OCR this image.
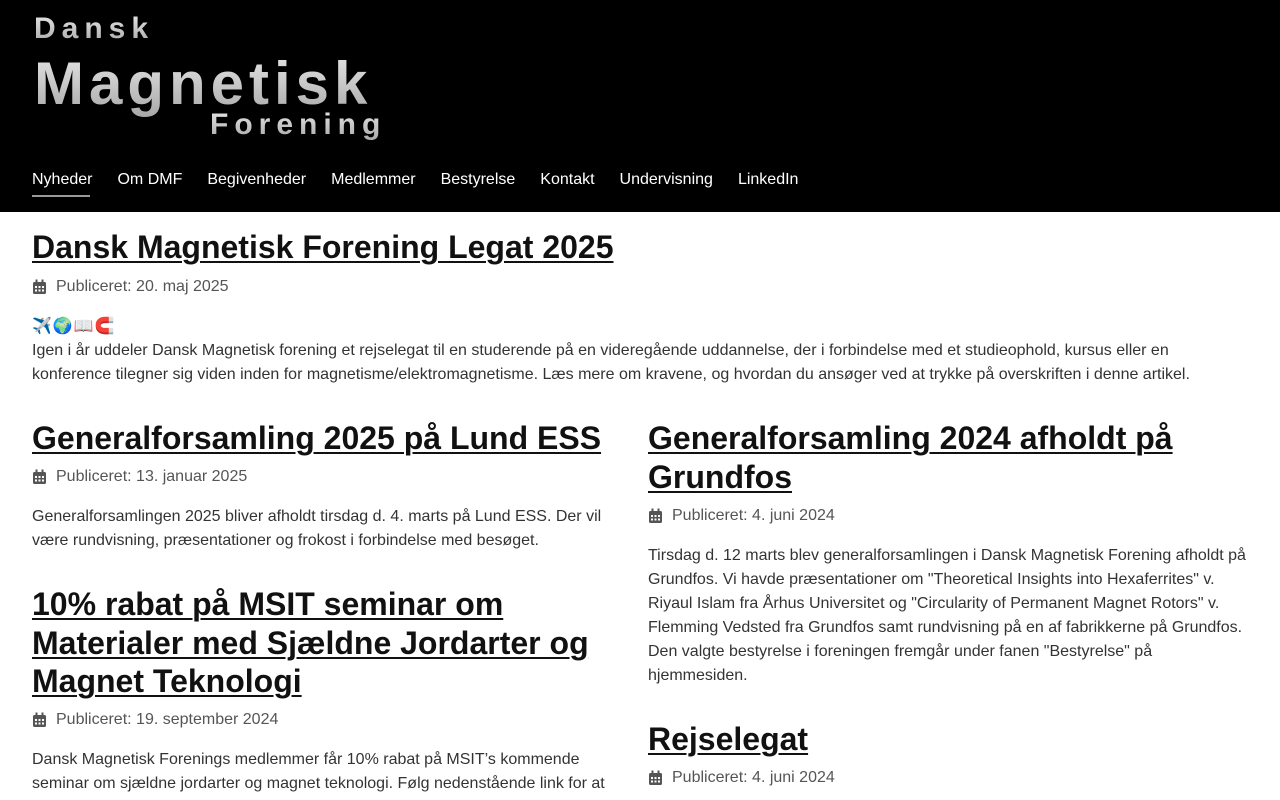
Dansk
Magnetisk
Forening
Nyheder Om DMF Begivenheder Medlemmer Bestyrelse Kontakt Undervisning LinkedIn
Dansk Magnetisk Forening Legat 2025
Publiceret: 20. maj 2025
✈️🌍📖🧲

Igen i år uddeler Dansk Magnetisk forening et rejselegat til en studerende på en videregående uddannelse, der i forbindelse med et studieophold, kursus eller en konference tilegner sig viden inden for magnetisme/elektromagnetisme. Læs mere om kravene, og hvordan du ansøger ved at trykke på overskriften i denne artikel.

Generalforsamling 2025 på Lund ESS
Publiceret: 13. januar 2025

Generalforsamlingen 2025 bliver afholdt tirsdag d. 4. marts på Lund ESS. Der vil være rundvisning, præsentationer og frokost i forbindelse med besøget.

Generalforsamling 2024 afholdt på Grundfos
Publiceret: 4. juni 2024

Tirsdag d. 12 marts blev generalforsamlingen i Dansk Magnetisk Forening afholdt på Grundfos. Vi havde præsentationer om "Theoretical Insights into Hexaferrites" v. Riyaul Islam fra Århus Universitet og "Circularity of Permanent Magnet Rotors" v. Flemming Vedsted fra Grundfos samt rundvisning på en af fabrikkerne på Grundfos. Den valgte bestyrelse i foreningen fremgår under fanen "Bestyrelse" på hjemmesiden.

10% rabat på MSIT seminar om Materialer med Sjældne Jordarter og Magnet Teknologi
Publiceret: 19. september 2024

Dansk Magnetisk Forenings medlemmer får 10% rabat på MSIT’s kommende seminar om sjældne jordarter og magnet teknologi. Følg nedenstående link for at

Rejselegat
Publiceret: 4. juni 2024
